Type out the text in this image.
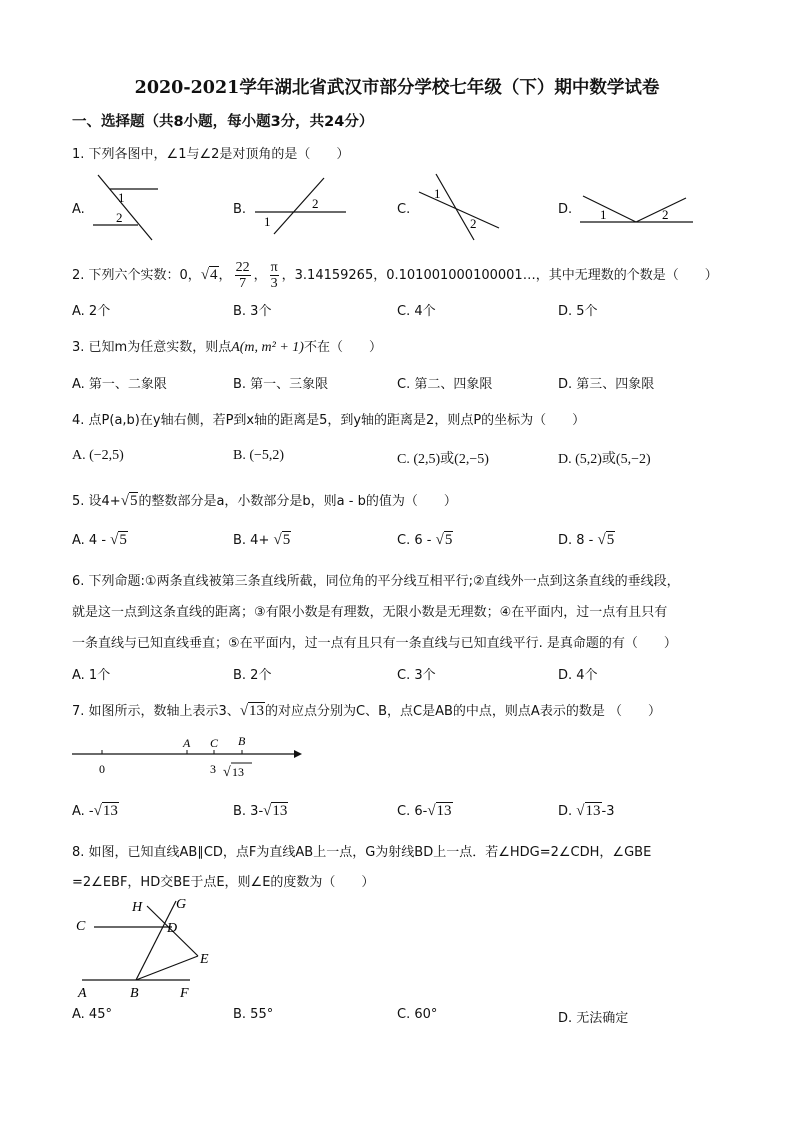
2020-2021学年湖北省武汉市部分学校七年级（下）期中数学试卷
一、选择题（共8小题，每小题3分，共24分）
1. 下列各图中，∠1与∠2是对顶角的是（　　）
A.	B.	C.	D.
1
2	1
2
1
2
1	2
2. 下列六个实数：0，√4， $\frac{22}{7}$ ， $\frac{\pi}{3}$ ，3.14159265，0.101001000100001…，其中无理数的个数是（　　）
A. 2个	B. 3个	C. 4个	D. 5个
3. 已知m为任意实数，则点A(m, m² + 1)不在（　　）
A. 第一、二象限	B. 第一、三象限	C. 第二、四象限	D. 第三、四象限
4. 点P(a,b)在y轴右侧，若P到x轴的距离是5，到y轴的距离是2，则点P的坐标为（　　）
A. (−2,5)	B. (−5,2)	C. (2,5)或(2,−5)	D. (5,2)或(5,−2)
5. 设4+√5的整数部分是a，小数部分是b，则a - b的值为（　　）
A. 4 - √5	B. 4+ √5	C. 6 - √5	D. 8 - √5
6. 下列命题:①两条直线被第三条直线所截，同位角的平分线互相平行;②直线外一点到这条直线的垂线段，
就是这一点到这条直线的距离；③有限小数是有理数，无限小数是无理数；④在平面内，过一点有且只有
一条直线与已知直线垂直；⑤在平面内，过一点有且只有一条直线与已知直线平行. 是真命题的有（　　）
A. 1个	B. 2个	C. 3个	D. 4个
7. 如图所示，数轴上表示3、√13的对应点分别为C、B，点C是AB的中点，则点A表示的数是 （　　）
A C B
0	3 √ 13
A. -√13	B. 3-√13	C. 6-√13	D. √13-3
8. 如图，已知直线AB∥CD，点F为直线AB上一点，G为射线BD上一点．若∠HDG=2∠CDH，∠GBE
=2∠EBF，HD交BE于点E，则∠E的度数为（　　）
H G
C	D
E
A	B	F
A. 45°	B. 55°	C. 60°	D. 无法确定
